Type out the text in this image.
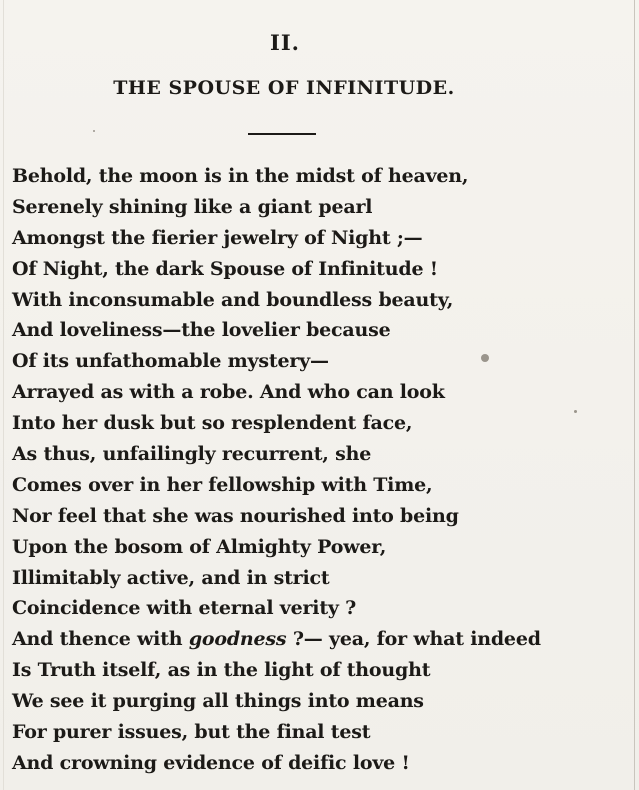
II.
THE SPOUSE OF INFINITUDE.
Behold, the moon is in the midst of heaven,
Serenely shining like a giant pearl
Amongst the fierier jewelry of Night ;—
Of Night, the dark Spouse of Infinitude !
With inconsumable and boundless beauty,
And loveliness—the lovelier because
Of its unfathomable mystery—
Arrayed as with a robe. And who can look
Into her dusk but so resplendent face,
As thus, unfailingly recurrent, she
Comes over in her fellowship with Time,
Nor feel that she was nourished into being
Upon the bosom of Almighty Power,
Illimitably active, and in strict
Coincidence with eternal verity ?
And thence with goodness ?— yea, for what indeed
Is Truth itself, as in the light of thought
We see it purging all things into means
For purer issues, but the final test
And crowning evidence of deific love !
